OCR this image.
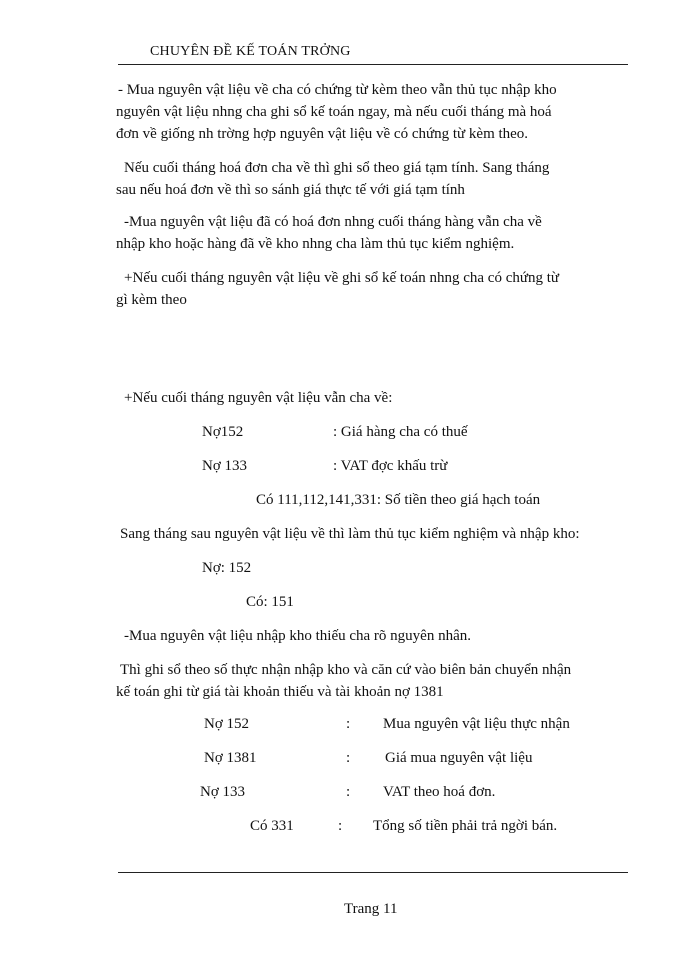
CHUYÊN ĐỀ KẾ TOÁN TRỞNG
- Mua nguyên vật liệu về cha có chứng từ kèm theo vẫn thủ tục nhập kho
nguyên vật liệu nhng cha ghi sổ kế toán ngay, mà nếu cuối tháng mà hoá
đơn về giống nh trờng hợp nguyên vật liệu về có chứng từ kèm theo.
Nếu cuối tháng hoá đơn cha về thì ghi sổ theo giá tạm tính. Sang tháng
sau nếu hoá đơn về thì so sánh giá thực tế với giá tạm tính
-Mua nguyên vật liệu đã có hoá đơn nhng cuối tháng hàng vẫn cha về
nhập kho hoặc hàng đã về kho nhng cha làm thủ tục kiểm nghiệm.
+Nếu cuối tháng nguyên vật liệu về ghi sổ kế toán nhng cha có chứng từ
gì kèm theo
+Nếu cuối tháng nguyên vật liệu vẫn cha về:
Nợ152	: Giá hàng cha có thuế
Nợ 133	: VAT đợc khấu trừ
Có 111,112,141,331: Số tiền theo giá hạch toán
Sang tháng sau nguyên vật liệu về thì làm thủ tục kiểm nghiệm và nhập kho:
Nợ: 152
Có: 151
-Mua nguyên vật liệu nhập kho thiếu cha rõ nguyên nhân.
Thì ghi sổ theo số thực nhận nhập kho và căn cứ vào biên bản chuyển nhận
kế toán ghi từ giá tài khoản thiếu và tài khoản nợ 1381
Nợ 152	: Mua nguyên vật liệu thực nhận
Nợ 1381	: Giá mua nguyên vật liệu
Nợ 133	: VAT theo hoá đơn.
Có 331	: Tổng số tiền phải trả ngời bán.
Trang 11
